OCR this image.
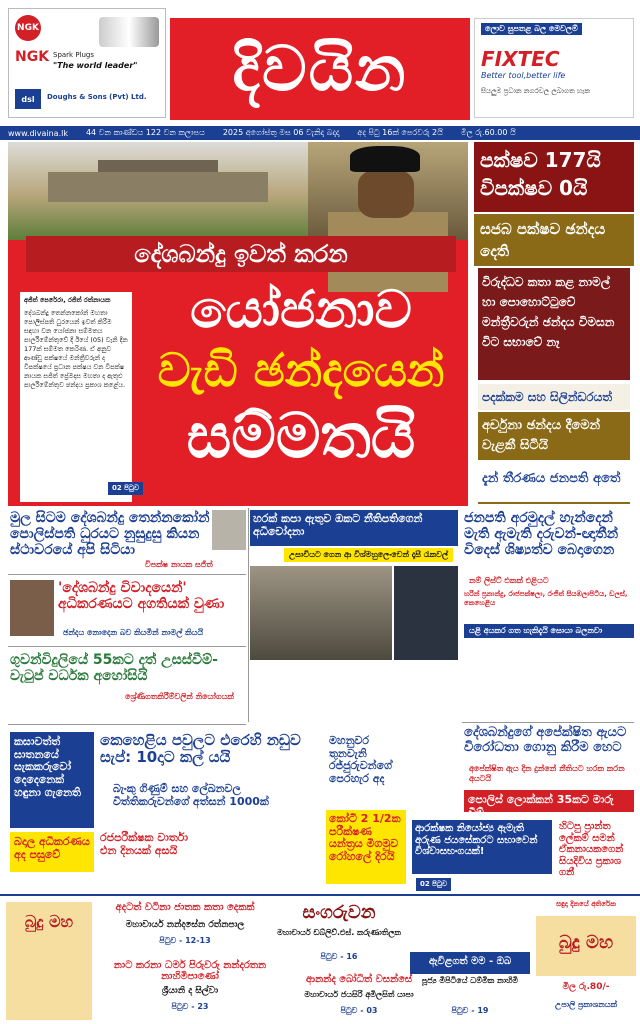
NGK
NGK Spark Plugs
"The world leader"
dsl	Doughs & Sons (Pvt) Ltd. දිවයින
ලොව සුපතළ බල මෙවලම්
FIXTEC
Better tool,better life
සියලුම ප්‍රධාන නගරවල ලබාගත හැක
www.divaina.lk 44 වන කාණ්ඩය 122 වන කලාපය 2025 අගෝස්තු මස 06 වැනිදා බදාදා අද පිටු 16ක් පෙරවරු 2යි මිල රු.60.00 යි
දේශබන්දු ඉවත් කරන
අජිත් පෙරේරා, රජිත් රත්නායක
දේශබන්දු තෙන්නකෝන් මහතා පොලිස්පති ධුරයෙන් ඉවත් කිරීම සඳහා වන යෝජනා සම්මතය පාර්ලිමේන්තුවේ දී ඊයේ (05) වැනි දින 177ක් සම්මත කෙරිණ. ඒ අනුව ආණ්ඩු පක්ෂයේ මන්ත්‍රීවරුන් ද විපක්ෂයේ ප්‍රධාන පක්ෂය වන විපක්ෂ නායක සජිත් ප්‍රේමදාස මහතා ද ඇතුළු පාර්ලිමේන්තුව ඡන්දය ප්‍රකාශ කළේය.
යෝජනාව
වැඩි ඡන්දයෙන්
සම්මතයි
02 පිටුව
පක්ෂව 177යි
විපක්ෂව 0යි
සජබ පක්ෂව ඡන්දය දෙති
විරුද්ධව කතා කළ නාමල් හා පොහොට්ටුවේ මන්ත්‍රීවරුන් ඡන්දය විමසන විට සභාවේ නෑ
පදක්කම සහ සිලින්ඩරයත්
අර්චුනා ඡන්දය දීමෙන් වැළකී සිටියි
දැන් තීරණය ජනපති අතේ
මුල සිටම දේශබන්දු තෙන්නකෝන් පොලිස්පති ධුරයට නුසුදුසු කියන ස්ථාවරයේ අපි සිටියා
විපක්ෂ නායක සජිත්
'දේශබන්දු විවාදයෙන්' අධිකරණයට අගතියක් වුණා
ඡන්දය නොදෙන බව කියමින් නාමල් කියයි
ගුවන්විදුලියේ 55කට දත් උසස්වීම්-වැටුප් වර්ධක අහෝසියි
ශ්‍රේණිගතකිරීම්වලින් නියෝගයක්
හරක් කපා ඇතුව ඔකට නීතිපතිගෙන් අධිචෝදනා
උසාවියට ගෙන ආ විශ්මහුලෙංචෙන් දෑසී රැකවල්
ජනපති අරමුදල් හැන්දෙන් මැති ඇමැති දරුවන්-ඥාතීන් විදෙස් ශිෂ්‍යත්ව බෙදාගෙන
නම් ලිස්ට් එකක් එළියට
හරින් ප්‍රනාන්දු, රාජපක්ෂලා, රංජිත් සියඹලාපිටිය, ඩලස්, කෙහෙළිය
යළි අයකර ගත හැකිදැයි සොයා බලනවා
දේශබන්දුගේ අපේක්ෂිත ඇයට විරෝධතා ගොනු කිරීම හෙට
අපේක්ෂිත ඇය දින දුන්නේ නීතියට හරක කරන අයටයි
පොලිස් ලොක්කන් 35කට මාරු වීම්
කසාවත්ත් ඝාතනයේ සැකකරුවෝ දෙදෙනෙක් හඳුනා ගැනෙති
බදාල අධිකරණය අද පසුවේ
කෙහෙළිය පවුලට එරෙහි නඩුව සැප්: 10දාට කල් යයි
බැංකු ගිණුම් සහ ලේඛනවල විත්තිකරුවන්ගේ අත්සන් 1000ක්
රජපරීක්ෂක වාර්තා එන දිනයක් අසයි
මහනුවර තුනවැනි රජ්ජුරුවන්ගේ පෙරහැර අද
කෝටි 2 1/2ක පරීක්ෂණ යන්ත්‍රය මිගමුව රෝහලේ දිරයි
ආරක්ෂක නියෝජ්‍ය ඇමැති අරුණ ජයසේකරට සභාවෙන් විශ්වාසභංගයක්!
හිටපු ප්‍රාන්ත ලේකම් සමන් ඒකනායකගෙන් සියදිවිය ප්‍රකාශ ගනී
02 පිටුව
බුදු මහ
අදටත් වටිනා ජාතක කතා දෙකක්
මහාචාර්ය නන්දසේන රත්නපාල
පිටුව - 12-13
සංගරුවන
මහාචාර්ය ඩබ්ලිව්.එස්. කරුණාතිලක
පිටුව - 16
නාට කරනා ධර්ම පිරුවරු නන්දරතන නාහිමිපාණෝ
ශ්‍රීයානි ද සිල්වා
පිටුව - 23
ආනන්ද බෝධිත් වසන්සේ
මහාචාර්ය ජයසිරි අමිලසිත් යාපා
පිටුව - 03
ඇවිළගත් මම - ඔබ
පූජ්‍ය මීපිටියේ ධම්මික නාහිමි
පිටුව - 19
සඳුදා දිනයේ අතිරේක
බුදු මහ
මිල රු.80/-
උපාලි ප්‍රකාශනයක්
